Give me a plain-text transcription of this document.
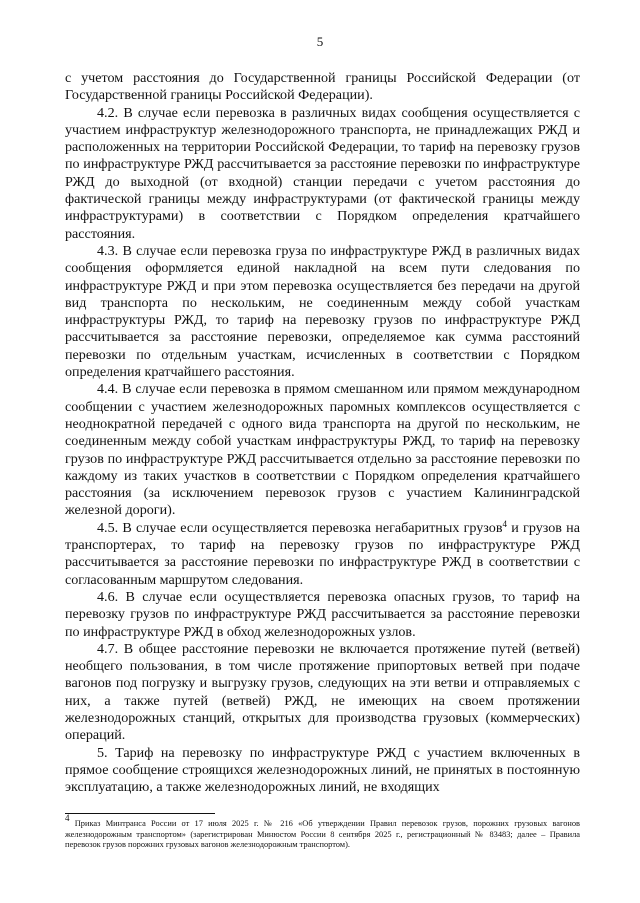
5

с учетом расстояния до Государственной границы Российской Федерации (от Государственной границы Российской Федерации).

4.2. В случае если перевозка в различных видах сообщения осуществляется с участием инфраструктур железнодорожного транспорта, не принадлежащих РЖД и расположенных на территории Российской Федерации, то тариф на перевозку грузов по инфраструктуре РЖД рассчитывается за расстояние перевозки по инфраструктуре РЖД до выходной (от входной) станции передачи с учетом расстояния до фактической границы между инфраструктурами (от фактической границы между инфраструктурами) в соответствии с Порядком определения кратчайшего расстояния.

4.3. В случае если перевозка груза по инфраструктуре РЖД в различных видах сообщения оформляется единой накладной на всем пути следования по инфраструктуре РЖД и при этом перевозка осуществляется без передачи на другой вид транспорта по нескольким, не соединенным между собой участкам инфраструктуры РЖД, то тариф на перевозку грузов по инфраструктуре РЖД рассчитывается за расстояние перевозки, определяемое как сумма расстояний перевозки по отдельным участкам, исчисленных в соответствии с Порядком определения кратчайшего расстояния.

4.4. В случае если перевозка в прямом смешанном или прямом международном сообщении с участием железнодорожных паромных комплексов осуществляется с неоднократной передачей с одного вида транспорта на другой по нескольким, не соединенным между собой участкам инфраструктуры РЖД, то тариф на перевозку грузов по инфраструктуре РЖД рассчитывается отдельно за расстояние перевозки по каждому из таких участков в соответствии с Порядком определения кратчайшего расстояния (за исключением перевозок грузов с участием Калининградской железной дороги).

4.5. В случае если осуществляется перевозка негабаритных грузов$^4$ и грузов на транспортерах, то тариф на перевозку грузов по инфраструктуре РЖД рассчитывается за расстояние перевозки по инфраструктуре РЖД в соответствии с согласованным маршрутом следования.

4.6. В случае если осуществляется перевозка опасных грузов, то тариф на перевозку грузов по инфраструктуре РЖД рассчитывается за расстояние перевозки по инфраструктуре РЖД в обход железнодорожных узлов.

4.7. В общее расстояние перевозки не включается протяжение путей (ветвей) необщего пользования, в том числе протяжение припортовых ветвей при подаче вагонов под погрузку и выгрузку грузов, следующих на эти ветви и отправляемых с них, а также путей (ветвей) РЖД, не имеющих на своем протяжении железнодорожных станций, открытых для производства грузовых (коммерческих) операций.

5. Тариф на перевозку по инфраструктуре РЖД с участием включенных в прямое сообщение строящихся железнодорожных линий, не принятых в постоянную эксплуатацию, а также железнодорожных линий, не входящих

$^4$ Приказ Минтранса России от 17 июля 2025 г. № 216 «Об утверждении Правил перевозок грузов, порожних грузовых вагонов железнодорожным транспортом» (зарегистрирован Минюстом России 8 сентября 2025 г., регистрационный № 83483; далее – Правила перевозок грузов порожних грузовых вагонов железнодорожным транспортом).
